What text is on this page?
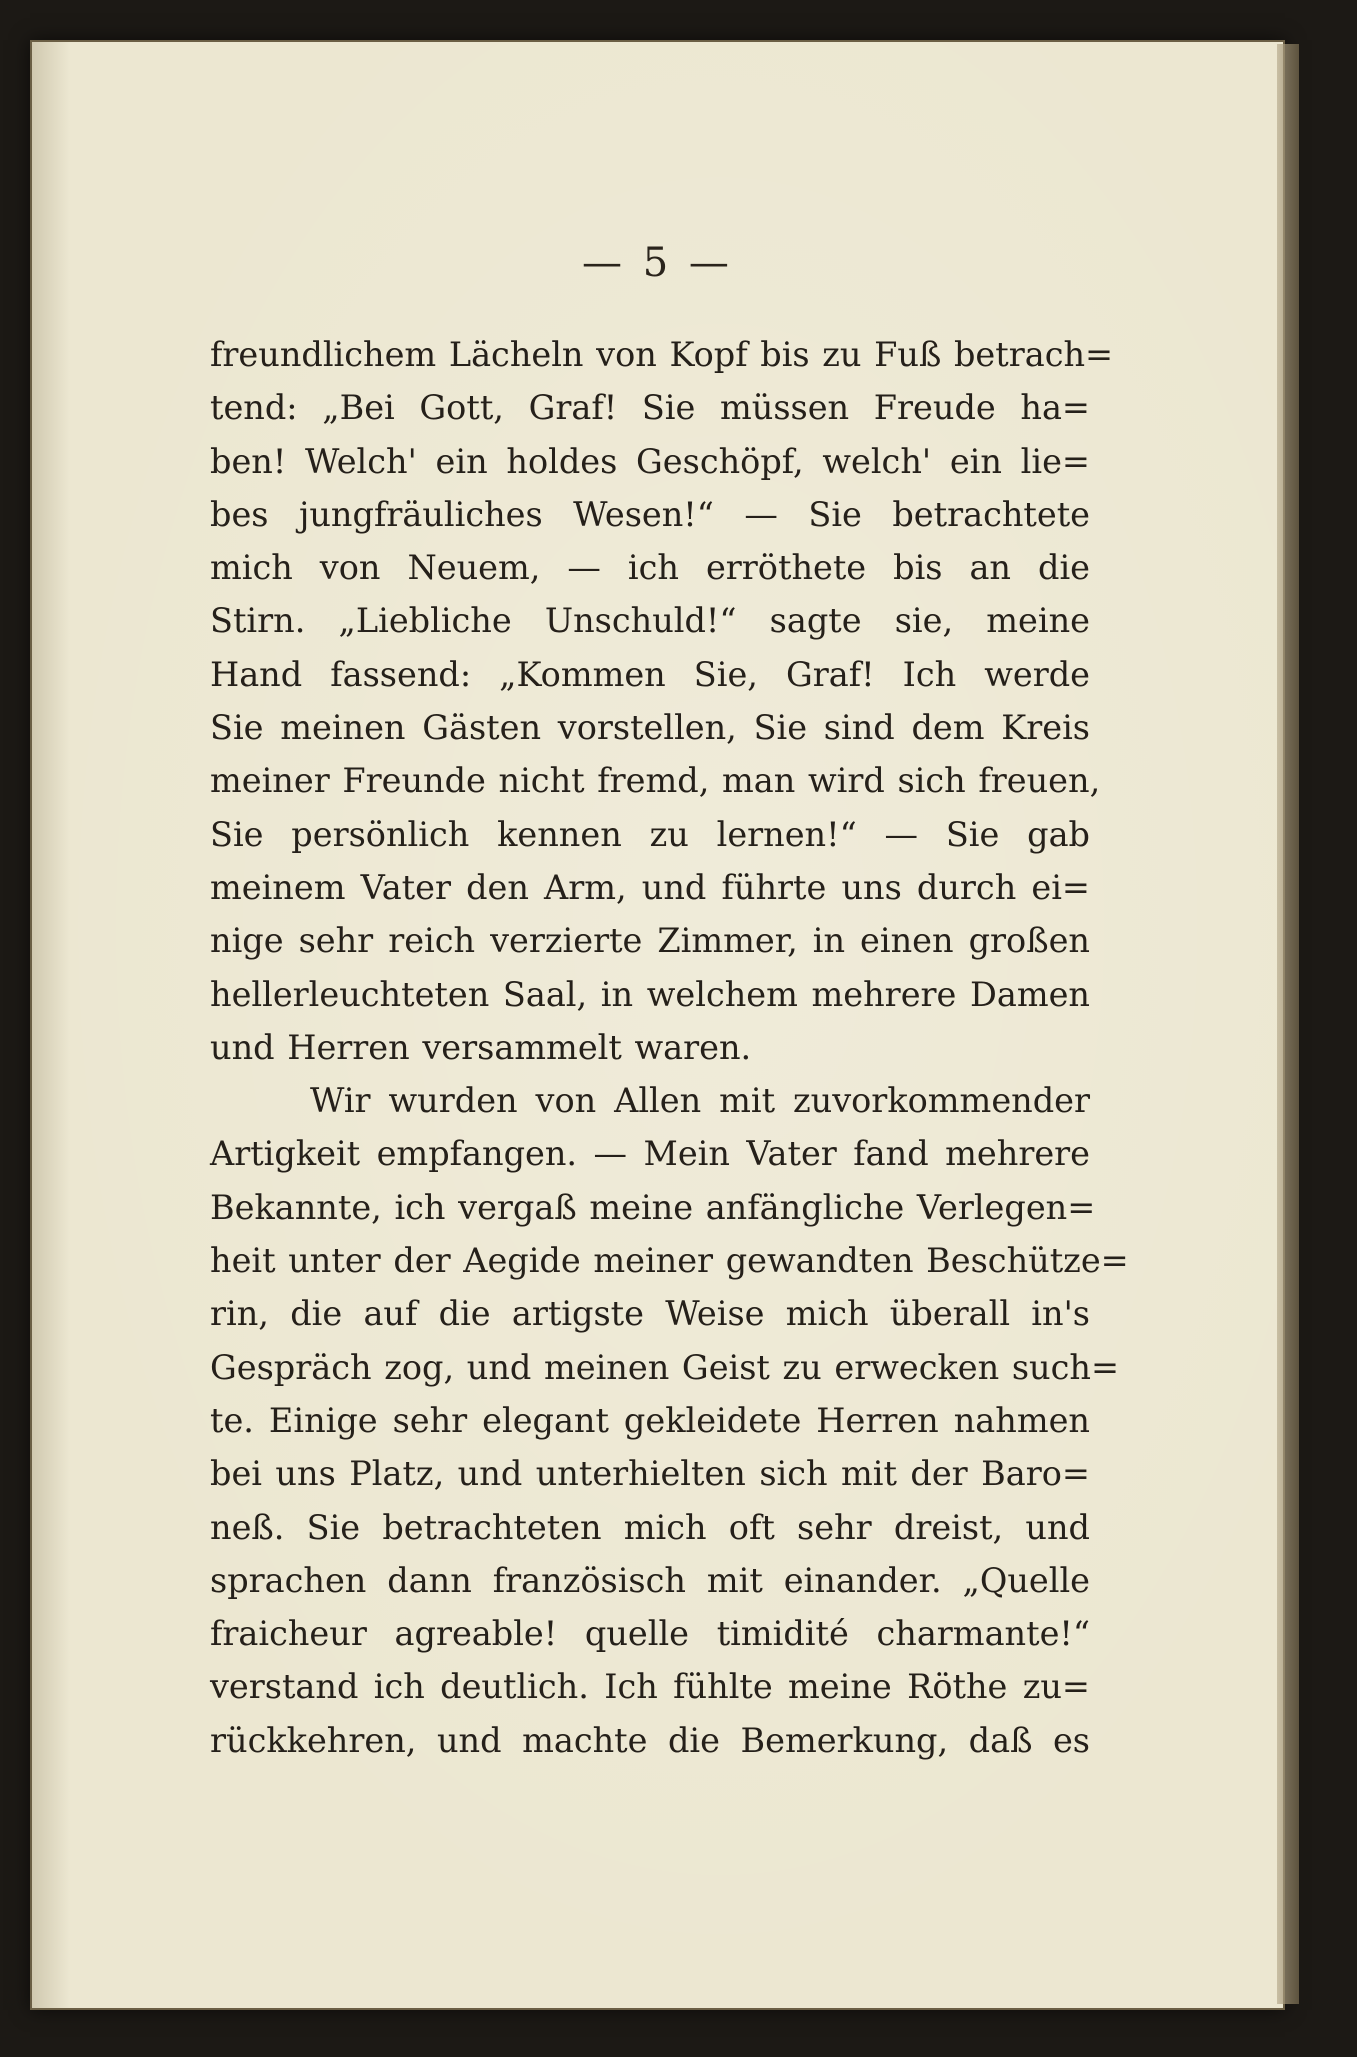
— 5 —
freundlichem Lächeln von Kopf bis zu Fuß betrach=
tend: „Bei Gott, Graf! Sie müssen Freude ha=
ben! Welch' ein holdes Geschöpf, welch' ein lie=
bes jungfräuliches Wesen!“ — Sie betrachtete
mich von Neuem, — ich erröthete bis an die
Stirn. „Liebliche Unschuld!“ sagte sie, meine
Hand fassend: „Kommen Sie, Graf! Ich werde
Sie meinen Gästen vorstellen, Sie sind dem Kreis
meiner Freunde nicht fremd, man wird sich freuen,
Sie persönlich kennen zu lernen!“ — Sie gab
meinem Vater den Arm, und führte uns durch ei=
nige sehr reich verzierte Zimmer, in einen großen
hellerleuchteten Saal, in welchem mehrere Damen
und Herren versammelt waren.
Wir wurden von Allen mit zuvorkommender
Artigkeit empfangen. — Mein Vater fand mehrere
Bekannte, ich vergaß meine anfängliche Verlegen=
heit unter der Aegide meiner gewandten Beschütze=
rin, die auf die artigste Weise mich überall in's
Gespräch zog, und meinen Geist zu erwecken such=
te. Einige sehr elegant gekleidete Herren nahmen
bei uns Platz, und unterhielten sich mit der Baro=
neß. Sie betrachteten mich oft sehr dreist, und
sprachen dann französisch mit einander. „Quelle
fraicheur agreable! quelle timidité charmante!“
verstand ich deutlich. Ich fühlte meine Röthe zu=
rückkehren, und machte die Bemerkung, daß es
